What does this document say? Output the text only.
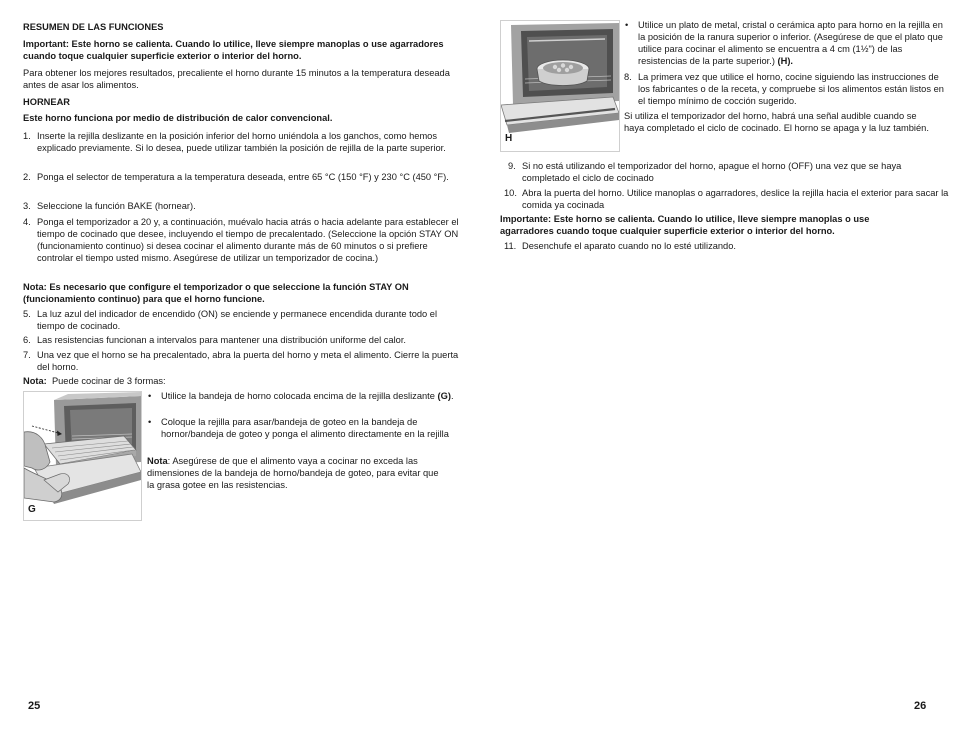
RESUMEN DE LAS FUNCIONES

Important: Este horno se calienta. Cuando lo utilice, lleve siempre manoplas o use agarradores cuando toque cualquier superficie exterior o interior del horno.

Para obtener los mejores resultados, precaliente el horno durante 15 minutos a la temperatura deseada antes de asar los alimentos.

HORNEAR

Este horno funciona por medio de distribución de calor convencional.

1. Inserte la rejilla deslizante en la posición inferior del horno uniéndola a los ganchos, como hemos explicado previamente. Si lo desea, puede utilizar también la posición de rejilla de la parte superior.
2. Ponga el selector de temperatura a la temperatura deseada, entre 65 °C (150 °F) y 230 °C (450 °F).
3. Seleccione la función BAKE (hornear).
4. Ponga el temporizador a 20 y, a continuación, muévalo hacia atrás o hacia adelante para establecer el tiempo de cocinado que desee, incluyendo el tiempo de precalentado. (Seleccione la opción STAY ON (funcionamiento continuo) si desea cocinar el alimento durante más de 60 minutos o si prefiere controlar el tiempo usted mismo. Asegúrese de utilizar un temporizador de cocina.)

Nota: Es necesario que configure el temporizador o que seleccione la función STAY ON (funcionamiento continuo) para que el horno funcione.

5. La luz azul del indicador de encendido (ON) se enciende y permanece encendida durante todo el tiempo de cocinado.
6. Las resistencias funcionan a intervalos para mantener una distribución uniforme del calor.
7. Una vez que el horno se ha precalentado, abra la puerta del horno y meta el alimento. Cierre la puerta del horno.

Nota: Puede cocinar de 3 formas:

G
• Utilice la bandeja de horno colocada encima de la rejilla deslizante (G).
• Coloque la rejilla para asar/bandeja de goteo en la bandeja de hornor/bandeja de goteo y ponga el alimento directamente en la rejilla

Nota: Asegúrese de que el alimento vaya a cocinar no exceda las dimensiones de la bandeja de horno/bandeja de goteo, para evitar que la grasa gotee en las resistencias.

25
H
• Utilice un plato de metal, cristal o cerámica apto para horno en la rejilla en la posición de la ranura superior o inferior. (Asegúrese de que el plato que utilice para cocinar el alimento se encuentra a 4 cm (1½") de las resistencias de la parte superior.) (H).
8. La primera vez que utilice el horno, cocine siguiendo las instrucciones de los fabricantes o de la receta, y compruebe si los alimentos están listos en el tiempo mínimo de cocción sugerido.

Si utiliza el temporizador del horno, habrá una señal audible cuando se haya completado el ciclo de cocinado. El horno se apaga y la luz también.

9. Si no está utilizando el temporizador del horno, apague el horno (OFF) una vez que se haya completado el ciclo de cocinado
10. Abra la puerta del horno. Utilice manoplas o agarradores, deslice la rejilla hacia el exterior para sacar la comida ya cocinada

Importante: Este horno se calienta. Cuando lo utilice, lleve siempre manoplas o use agarradores cuando toque cualquier superficie exterior o interior del horno.

11. Desenchufe el aparato cuando no lo esté utilizando.
26
